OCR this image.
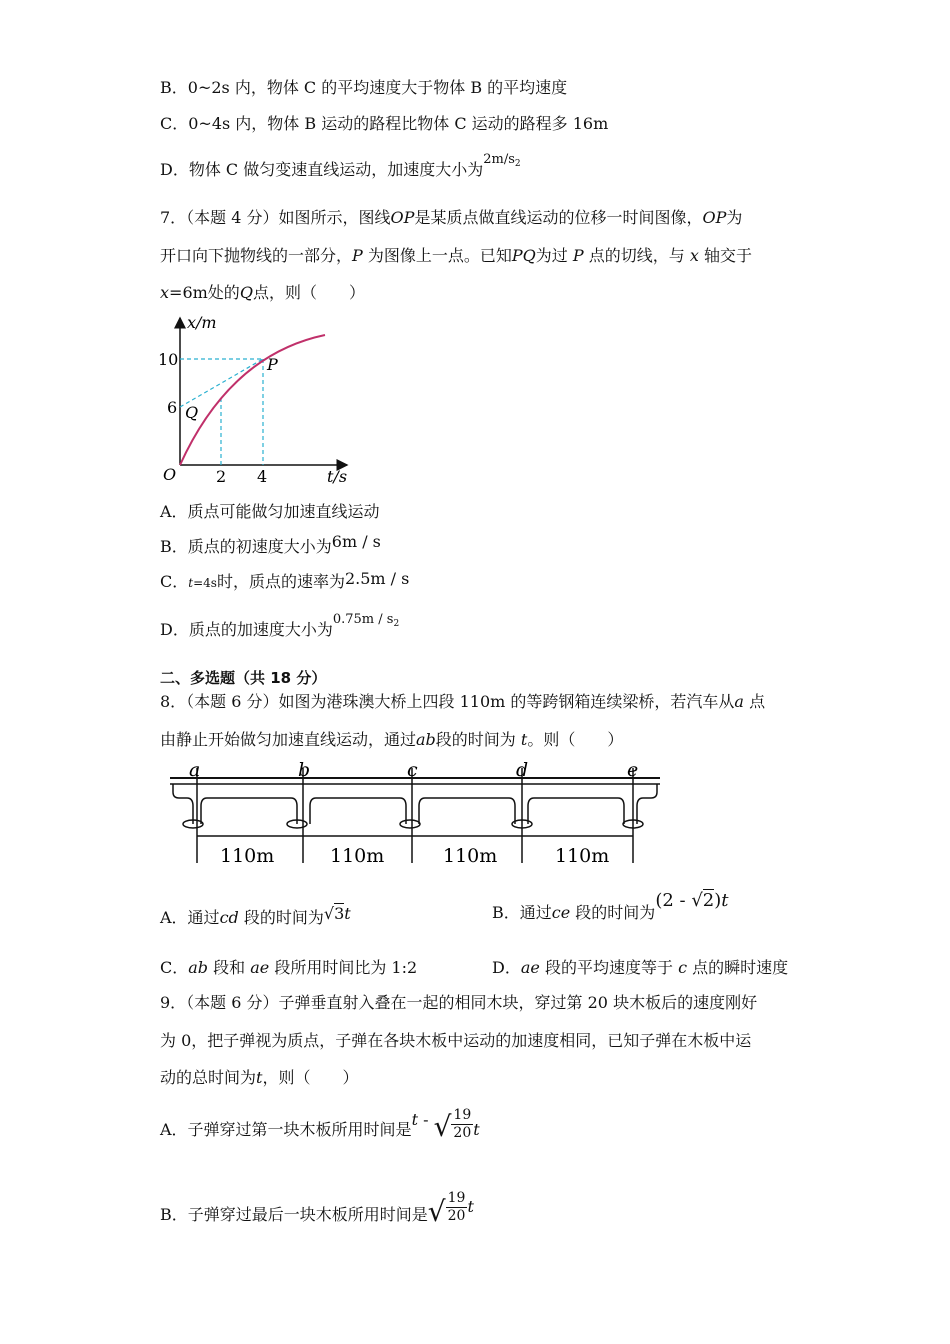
B．0~2s 内，物体 C 的平均速度大于物体 B 的平均速度
C．0~4s 内，物体 B 运动的路程比物体 C 运动的路程多 16m
D．物体 C 做匀变速直线运动，加速度大小为$^{2m/s2}$
7．（本题 4 分）如图所示，图线OP是某质点做直线运动的位移一时间图像，OP为
开口向下抛物线的一部分，P 为图像上一点。已知PQ为过 P 点的切线，与 x 轴交于
x=6m处的Q点，则（　　）
x/m
t/s
O
10
6
2 4
P
Q
A．质点可能做匀加速直线运动
B．质点的初速度大小为6m / s
C．t=4s时，质点的速率为2.5m / s
D．质点的加速度大小为$^{0.75m / s2}$
二、多选题（共 18 分）
8．（本题 6 分）如图为港珠澳大桥上四段 110m 的等跨钢箱连续梁桥，若汽车从a 点
由静止开始做匀加速直线运动，通过ab段的时间为 t。则（　　）
a	b	c	d	e
110m	110m	110m	110m
A．通过cd 段的时间为√3t	B．通过ce 段的时间为(2 - √2)t
C．ab 段和 ae 段所用时间比为 1:2	D．ae 段的平均速度等于 c 点的瞬时速度
9．（本题 6 分）子弹垂直射入叠在一起的相同木块，穿过第 20 块木板后的速度刚好
为 0，把子弹视为质点，子弹在各块木板中运动的加速度相同，已知子弹在木板中运
动的总时间为t，则（　　）
A．子弹穿过第一块木板所用时间是t - √ $\frac{19}{20}$ t
B．子弹穿过最后一块木板所用时间是√ $\frac{19}{20}$ t
